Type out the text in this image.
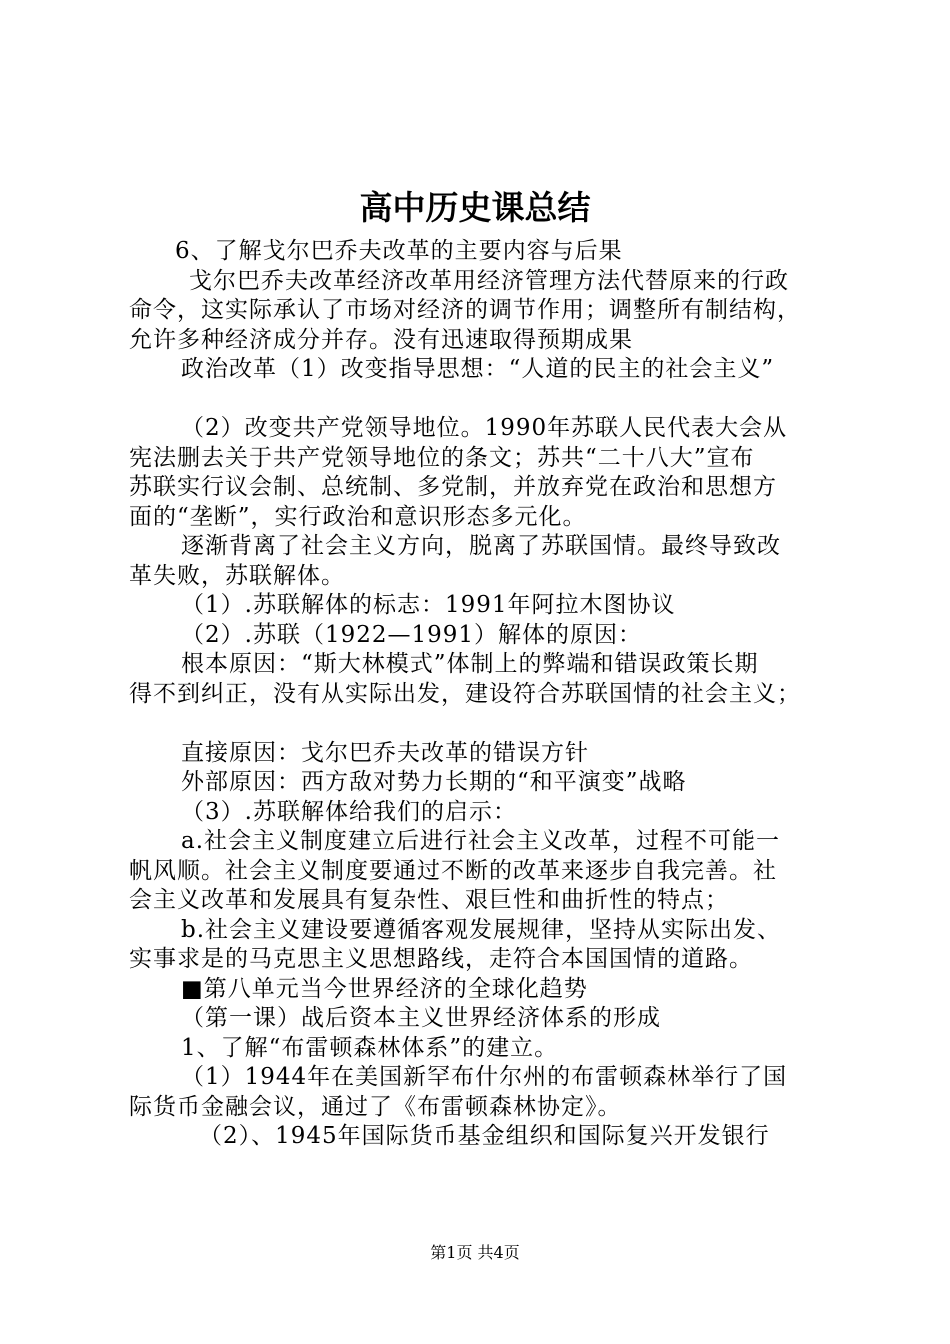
高中历史课总结
6、了解戈尔巴乔夫改革的主要内容与后果
戈尔巴乔夫改革经济改革用经济管理方法代替原来的行政
命令，这实际承认了市场对经济的调节作用；调整所有制结构，
允许多种经济成分并存。没有迅速取得预期成果
政治改革（1）改变指导思想：“人道的民主的社会主义”
（2）改变共产党领导地位。1990年苏联人民代表大会从
宪法删去关于共产党领导地位的条文；苏共“二十八大”宣布
苏联实行议会制、总统制、多党制，并放弃党在政治和思想方
面的“垄断”，实行政治和意识形态多元化。
逐渐背离了社会主义方向，脱离了苏联国情。最终导致改
革失败，苏联解体。
（1）.苏联解体的标志：1991年阿拉木图协议
（2）.苏联（1922—1991）解体的原因：
根本原因：“斯大林模式”体制上的弊端和错误政策长期
得不到纠正，没有从实际出发，建设符合苏联国情的社会主义；
直接原因：戈尔巴乔夫改革的错误方针
外部原因：西方敌对势力长期的“和平演变”战略
（3）.苏联解体给我们的启示：
a.社会主义制度建立后进行社会主义改革，过程不可能一
帆风顺。社会主义制度要通过不断的改革来逐步自我完善。社
会主义改革和发展具有复杂性、艰巨性和曲折性的特点；
b.社会主义建设要遵循客观发展规律，坚持从实际出发、
实事求是的马克思主义思想路线，走符合本国国情的道路。
■第八单元当今世界经济的全球化趋势
（第一课）战后资本主义世界经济体系的形成
1、了解“布雷顿森林体系”的建立。
（1）1944年在美国新罕布什尔州的布雷顿森林举行了国
际货币金融会议，通过了《布雷顿森林协定》。
（2）、1945年国际货币基金组织和国际复兴开发银行
第1页 共4页
